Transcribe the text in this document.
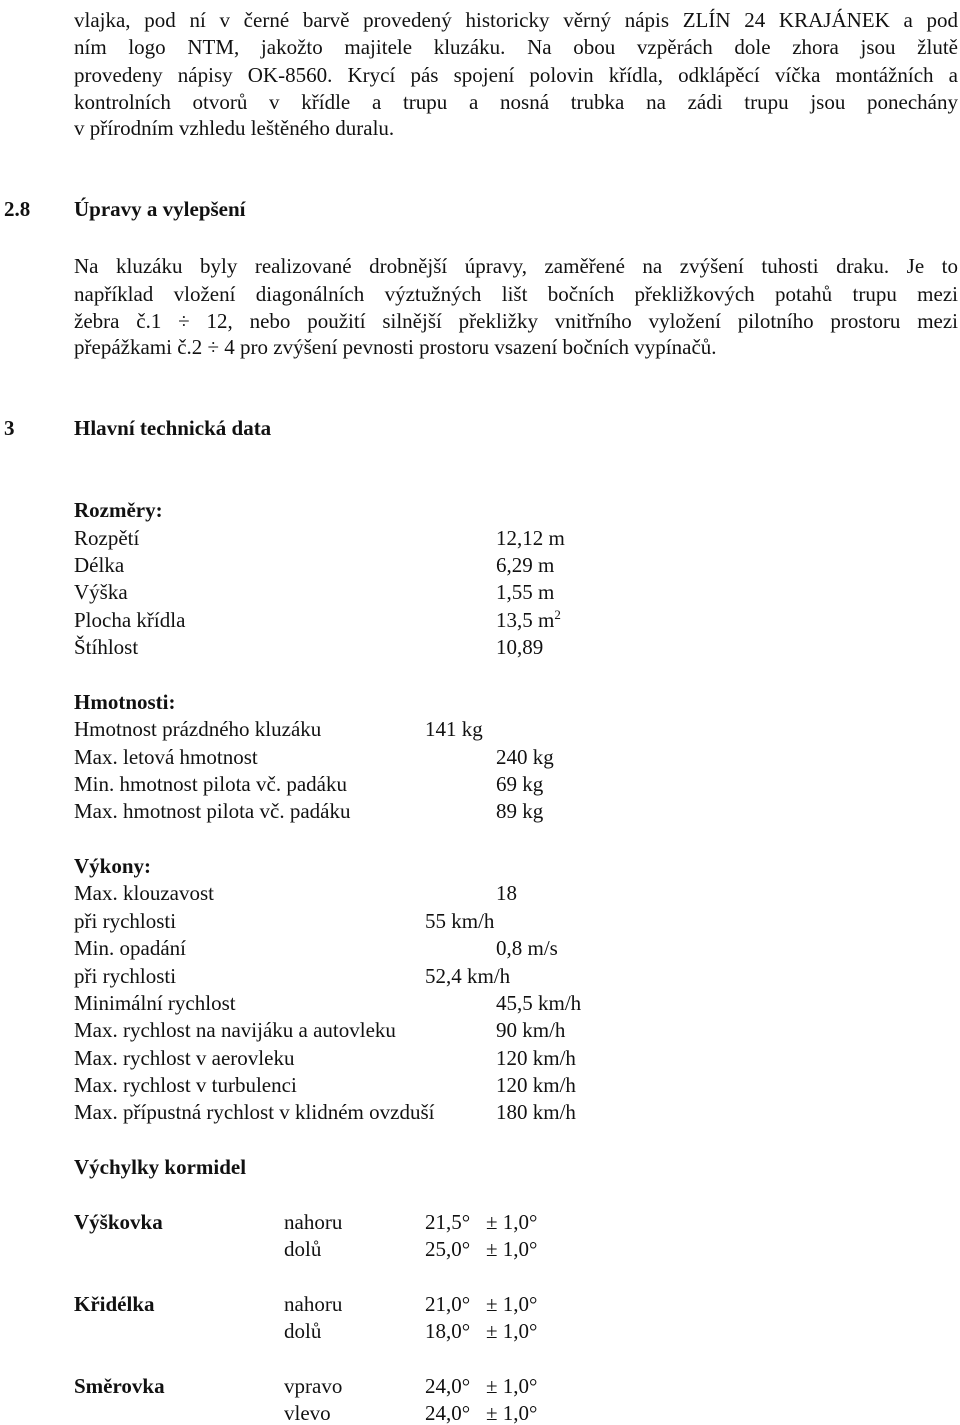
vlajka, pod ní v černé barvě provedený historicky věrný nápis ZLÍN 24 KRAJÁNEK a pod
ním logo NTM, jakožto majitele kluzáku. Na obou vzpěrách dole zhora jsou žlutě
provedeny nápisy OK-8560. Krycí pás spojení polovin křídla, odklápěcí víčka montážních a
kontrolních otvorů v křídle a trupu a nosná trubka na zádi trupu jsou ponechány
v přírodním vzhledu leštěného duralu.
2.8 Úpravy a vylepšení
Na kluzáku byly realizované drobnější úpravy, zaměřené na zvýšení tuhosti draku. Je to
například vložení diagonálních výztužných lišt bočních překližkových potahů trupu mezi
žebra č.1 ÷ 12, nebo použití silnější překližky vnitřního vyložení pilotního prostoru mezi
přepážkami č.2 ÷ 4 pro zvýšení pevnosti prostoru vsazení bočních vypínačů.
3	Hlavní technická data
Rozměry:
Rozpětí	12,12 m
Délka	6,29 m
Výška	1,55 m
Plocha křídla	13,5 $m^2$
Štíhlost	10,89
Hmotnosti:
Hmotnost prázdného kluzáku	141 kg
Max. letová hmotnost	240 kg
Min. hmotnost pilota vč. padáku	69 kg
Max. hmotnost pilota vč. padáku	89 kg
Výkony:
Max. klouzavost	18
při rychlosti	55 km/h
Min. opadání	0,8 m/s
při rychlosti	52,4 km/h
Minimální rychlost	45,5 km/h
Max. rychlost na navijáku a autovleku	90 km/h
Max. rychlost v aerovleku	120 km/h
Max. rychlost v turbulenci	120 km/h
Max. přípustná rychlost v klidném ovzduší	180 km/h
Výchylky kormidel
Výškovka	nahoru	21,5° ± 1,0°
dolů	25,0° ± 1,0°
Křidélka	nahoru	21,0° ± 1,0°
dolů	18,0° ± 1,0°
Směrovka	vpravo	24,0° ± 1,0°
vlevo	24,0° ± 1,0°
